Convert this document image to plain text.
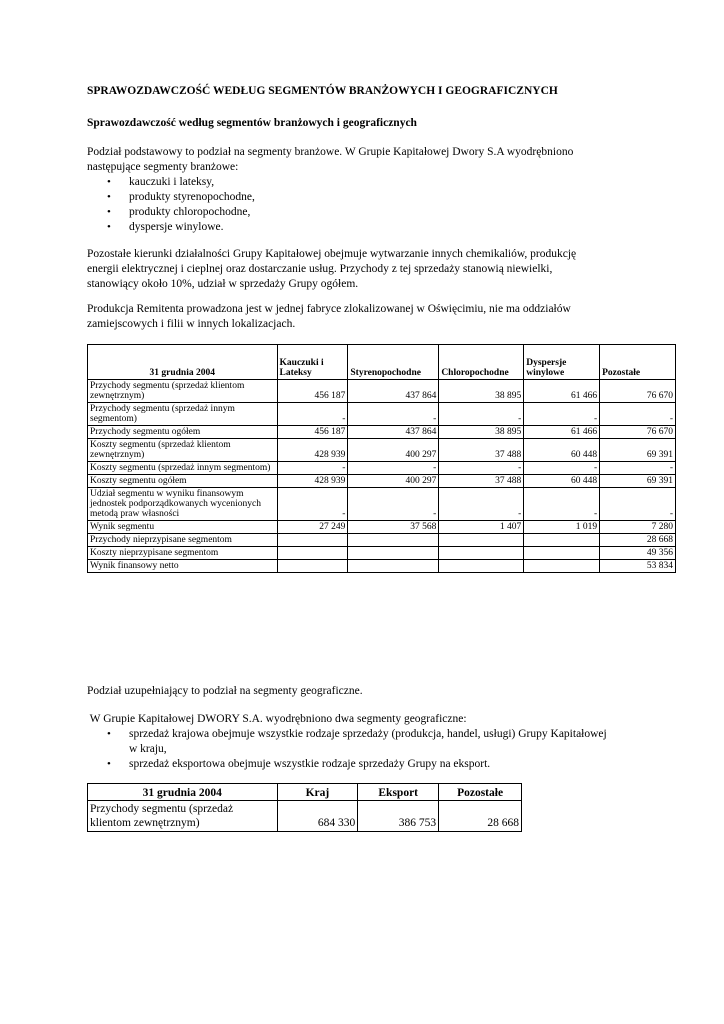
SPRAWOZDAWCZOŚĆ WEDŁUG SEGMENTÓW BRANŻOWYCH I GEOGRAFICZNYCH
Sprawozdawczość według segmentów branżowych i geograficznych
Podział podstawowy to podział na segmenty branżowe. W Grupie Kapitałowej Dwory S.A wyodrębniono
następujące segmenty branżowe:
• kauczuki i lateksy,
• produkty styrenopochodne,
• produkty chloropochodne,
• dyspersje winylowe.
Pozostałe kierunki działalności Grupy Kapitałowej obejmuje wytwarzanie innych chemikaliów, produkcję
energii elektrycznej i cieplnej oraz dostarczanie usług. Przychody z tej sprzedaży stanowią niewielki,
stanowiący około 10%, udział w sprzedaży Grupy ogółem.
Produkcja Remitenta prowadzona jest w jednej fabryce zlokalizowanej w Oświęcimiu, nie ma oddziałów
zamiejscowych i filii w innych lokalizacjach.
31 grudnia 2004	Kauczuki i Lateksy	Styrenopochodne	Chloropochodne	Dyspersje winylowe	Pozostałe
Przychody segmentu (sprzedaż klientom zewnętrznym)	456 187	437 864	38 895	61 466	76 670
Przychody segmentu (sprzedaż innym segmentom)	-	-	-	-	-
Przychody segmentu ogółem	456 187	437 864	38 895	61 466	76 670
Koszty segmentu (sprzedaż klientom zewnętrznym)	428 939	400 297	37 488	60 448	69 391
Koszty segmentu (sprzedaż innym segmentom)	-	-	-	-	-
Koszty segmentu ogółem	428 939	400 297	37 488	60 448	69 391
Udział segmentu w wyniku finansowym jednostek podporządkowanych wycenionych metodą praw własności	-	-	-	-	-
Wynik segmentu	27 249	37 568	1 407	1 019	7 280
Przychody nieprzypisane segmentom					28 668
Koszty nieprzypisane segmentom					49 356
Wynik finansowy netto					53 834
Podział uzupełniający to podział na segmenty geograficzne.
W Grupie Kapitałowej DWORY S.A. wyodrębniono dwa segmenty geograficzne:
• sprzedaż krajowa obejmuje wszystkie rodzaje sprzedaży (produkcja, handel, usługi) Grupy Kapitałowej
w kraju,
• sprzedaż eksportowa obejmuje wszystkie rodzaje sprzedaży Grupy na eksport.
31 grudnia 2004	Kraj	Eksport	Pozostałe

Przychody segmentu (sprzedaż
klientom zewnętrznym)	684 330	386 753	28 668
